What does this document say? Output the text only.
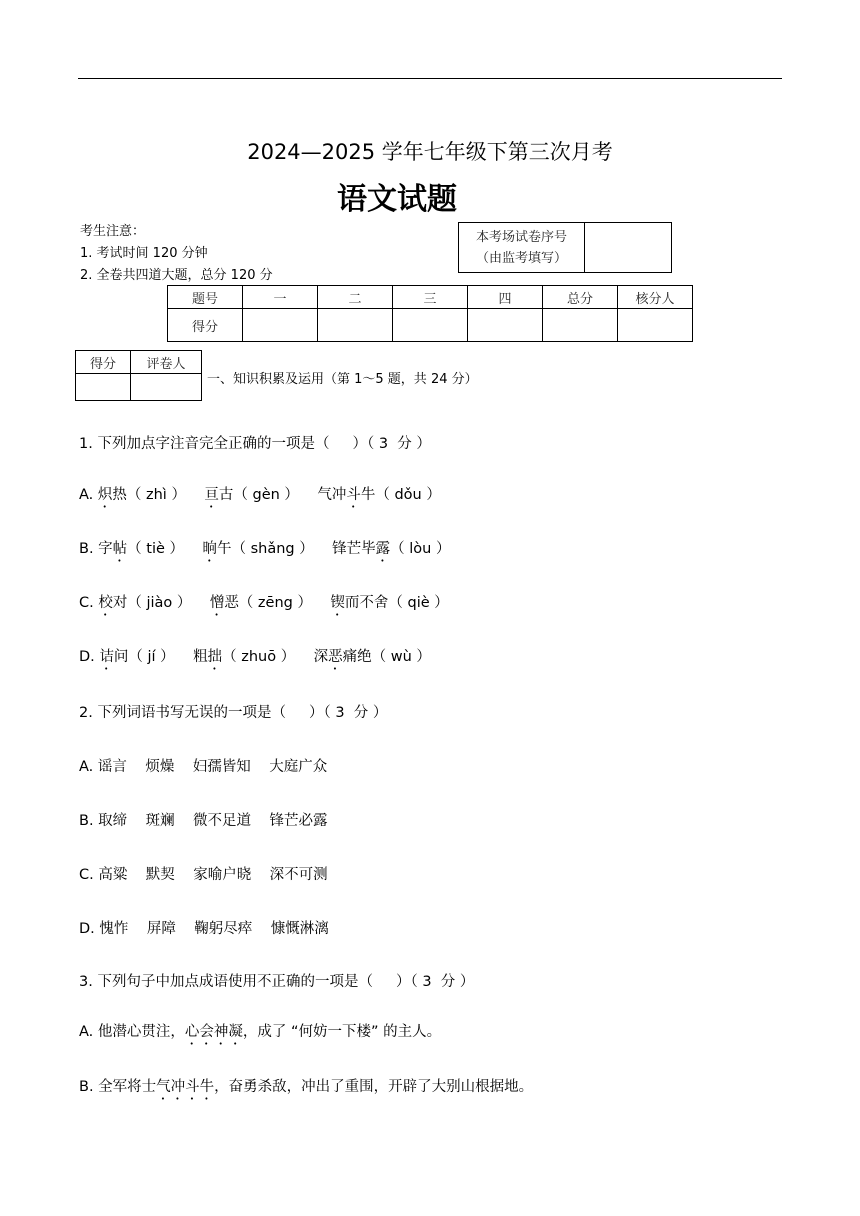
2024—2025 学年七年级下第三次月考
语文试题
考生注意：
1. 考试时间 120 分钟
2. 全卷共四道大题，总分 120 分
本考场试卷序号
（由监考填写）

题号	一	二	三	四	总分	核分人
得分						
得分	评卷人

一、知识积累及运用（第 1～5 题，共 24 分）
1. 下列加点字注音完全正确的一项是（     ）（ 3  分 ）
A. 炽热（ zhì ）    亘古（ gèn ）    气冲斗牛（ dǒu ）
B. 字帖（ tiè ）    晌午（ shǎng ）    锋芒毕露（ lòu ）
C. 校对（ jiào ）    憎恶（ zēng ）    锲而不舍（ qiè ）
D. 诘问（ jí ）    粗拙（ zhuō ）    深恶痛绝（ wù ）
2. 下列词语书写无误的一项是（     ）（ 3  分 ）
A. 谣言    烦燥    妇孺皆知    大庭广众
B. 取缔    斑斓    微不足道    锋芒必露
C. 高粱    默契    家喻户晓    深不可测
D. 愧怍    屏障    鞠躬尽瘁    慷慨淋漓
3. 下列句子中加点成语使用不正确的一项是（     ）（ 3  分 ）
A. 他潜心贯注，心会神凝，成了 “何妨一下楼” 的主人。
B. 全军将士气冲斗牛，奋勇杀敌，冲出了重围，开辟了大别山根据地。
